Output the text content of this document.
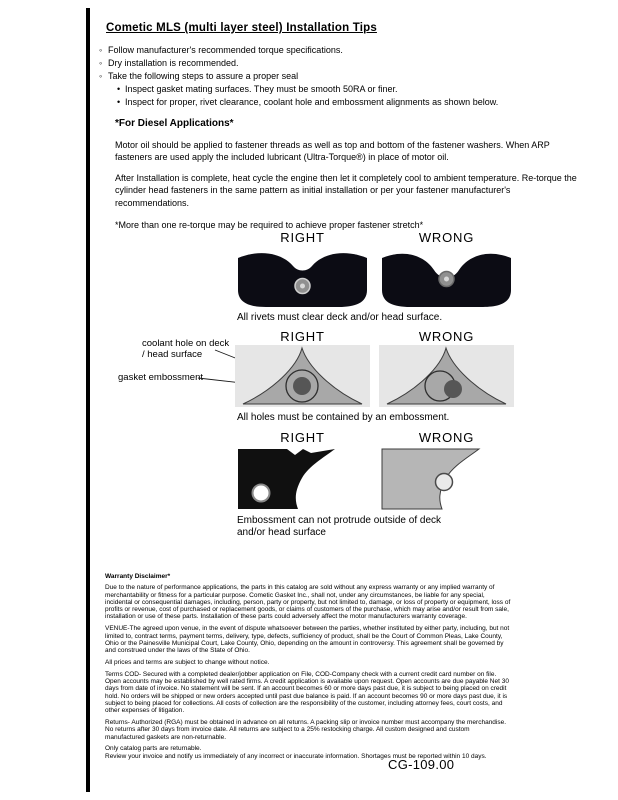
Cometic MLS (multi layer steel) Installation Tips
◦ Follow manufacturer's recommended torque specifications.
◦ Dry installation is recommended.
◦ Take the following steps to assure a proper seal
• Inspect gasket mating surfaces. They must be smooth 50RA or finer.
• Inspect for proper, rivet clearance, coolant hole and embossment alignments as shown below.
*For Diesel Applications*

Motor oil should be applied to fastener threads as well as top and bottom of the fastener washers. When ARP fasteners are used apply the included lubricant (Ultra-Torque®) in place of motor oil.

After Installation is complete, heat cycle the engine then let it completely cool to ambient temperature. Re-torque the cylinder head fasteners in the same pattern as initial installation or per your fastener manufacturer's recommendations.

*More than one re-torque may be required to achieve proper fastener stretch*

RIGHT	WRONG
All rivets must clear deck and/or head surface.
RIGHT	WRONG
coolant hole on deck / head surface
gasket embossment
All holes must be contained by an embossment.
RIGHT	WRONG
Embossment can not protrude outside of deck and/or head surface

Warranty Disclaimer*

Due to the nature of performance applications, the parts in this catalog are sold without any express warranty or any implied warranty of merchantability or fitness for a particular purpose. Cometic Gasket Inc., shall not, under any circumstances, be liable for any special, incidental or consequential damages, including, person, party or property, but not limited to, damage, or loss of property or equipment, loss of profits or revenue, cost of purchased or replacement goods, or claims of customers of the purchase, which may arise and/or result from sale, installation or use of these parts. Installation of these parts could adversely affect the motor manufacturers warranty coverage.

VENUE-The agreed upon venue, in the event of dispute whatsoever between the parties, whether instituted by either party, including, but not limited to, contract terms, payment terms, delivery, type, defects, sufficiency of product, shall be the Court of Common Pleas, Lake County, Ohio or the Painesville Municipal Court, Lake County, Ohio, depending on the amount in controversy. This agreement shall be governed by and construed under the laws of the State of Ohio.

All prices and terms are subject to change without notice.

Terms COD- Secured with a completed dealer/jobber application on File, COD-Company check with a current credit card number on file. Open accounts may be established by well rated firms. A credit application is available upon request. Open accounts are due payable Net 30 days from date of invoice. No statement will be sent. If an account becomes 60 or more days past due, it is subject to being placed on credit hold. No orders will be shipped or new orders accepted until past due balance is paid. If an account becomes 90 or more days past due, it is subject to being placed for collections. All costs of collection are the responsibility of the customer, including attorney fees, court costs, and other expenses of litigation.

Returns- Authorized (RGA) must be obtained in advance on all returns. A packing slip or invoice number must accompany the merchandise. No returns after 30 days from invoice date. All returns are subject to a 25% restocking charge. All custom designed and custom manufactured gaskets are non-returnable.

Only catalog parts are returnable.

Review your invoice and notify us immediately of any incorrect or inaccurate information. Shortages must be reported within 10 days.

CG-109.00
